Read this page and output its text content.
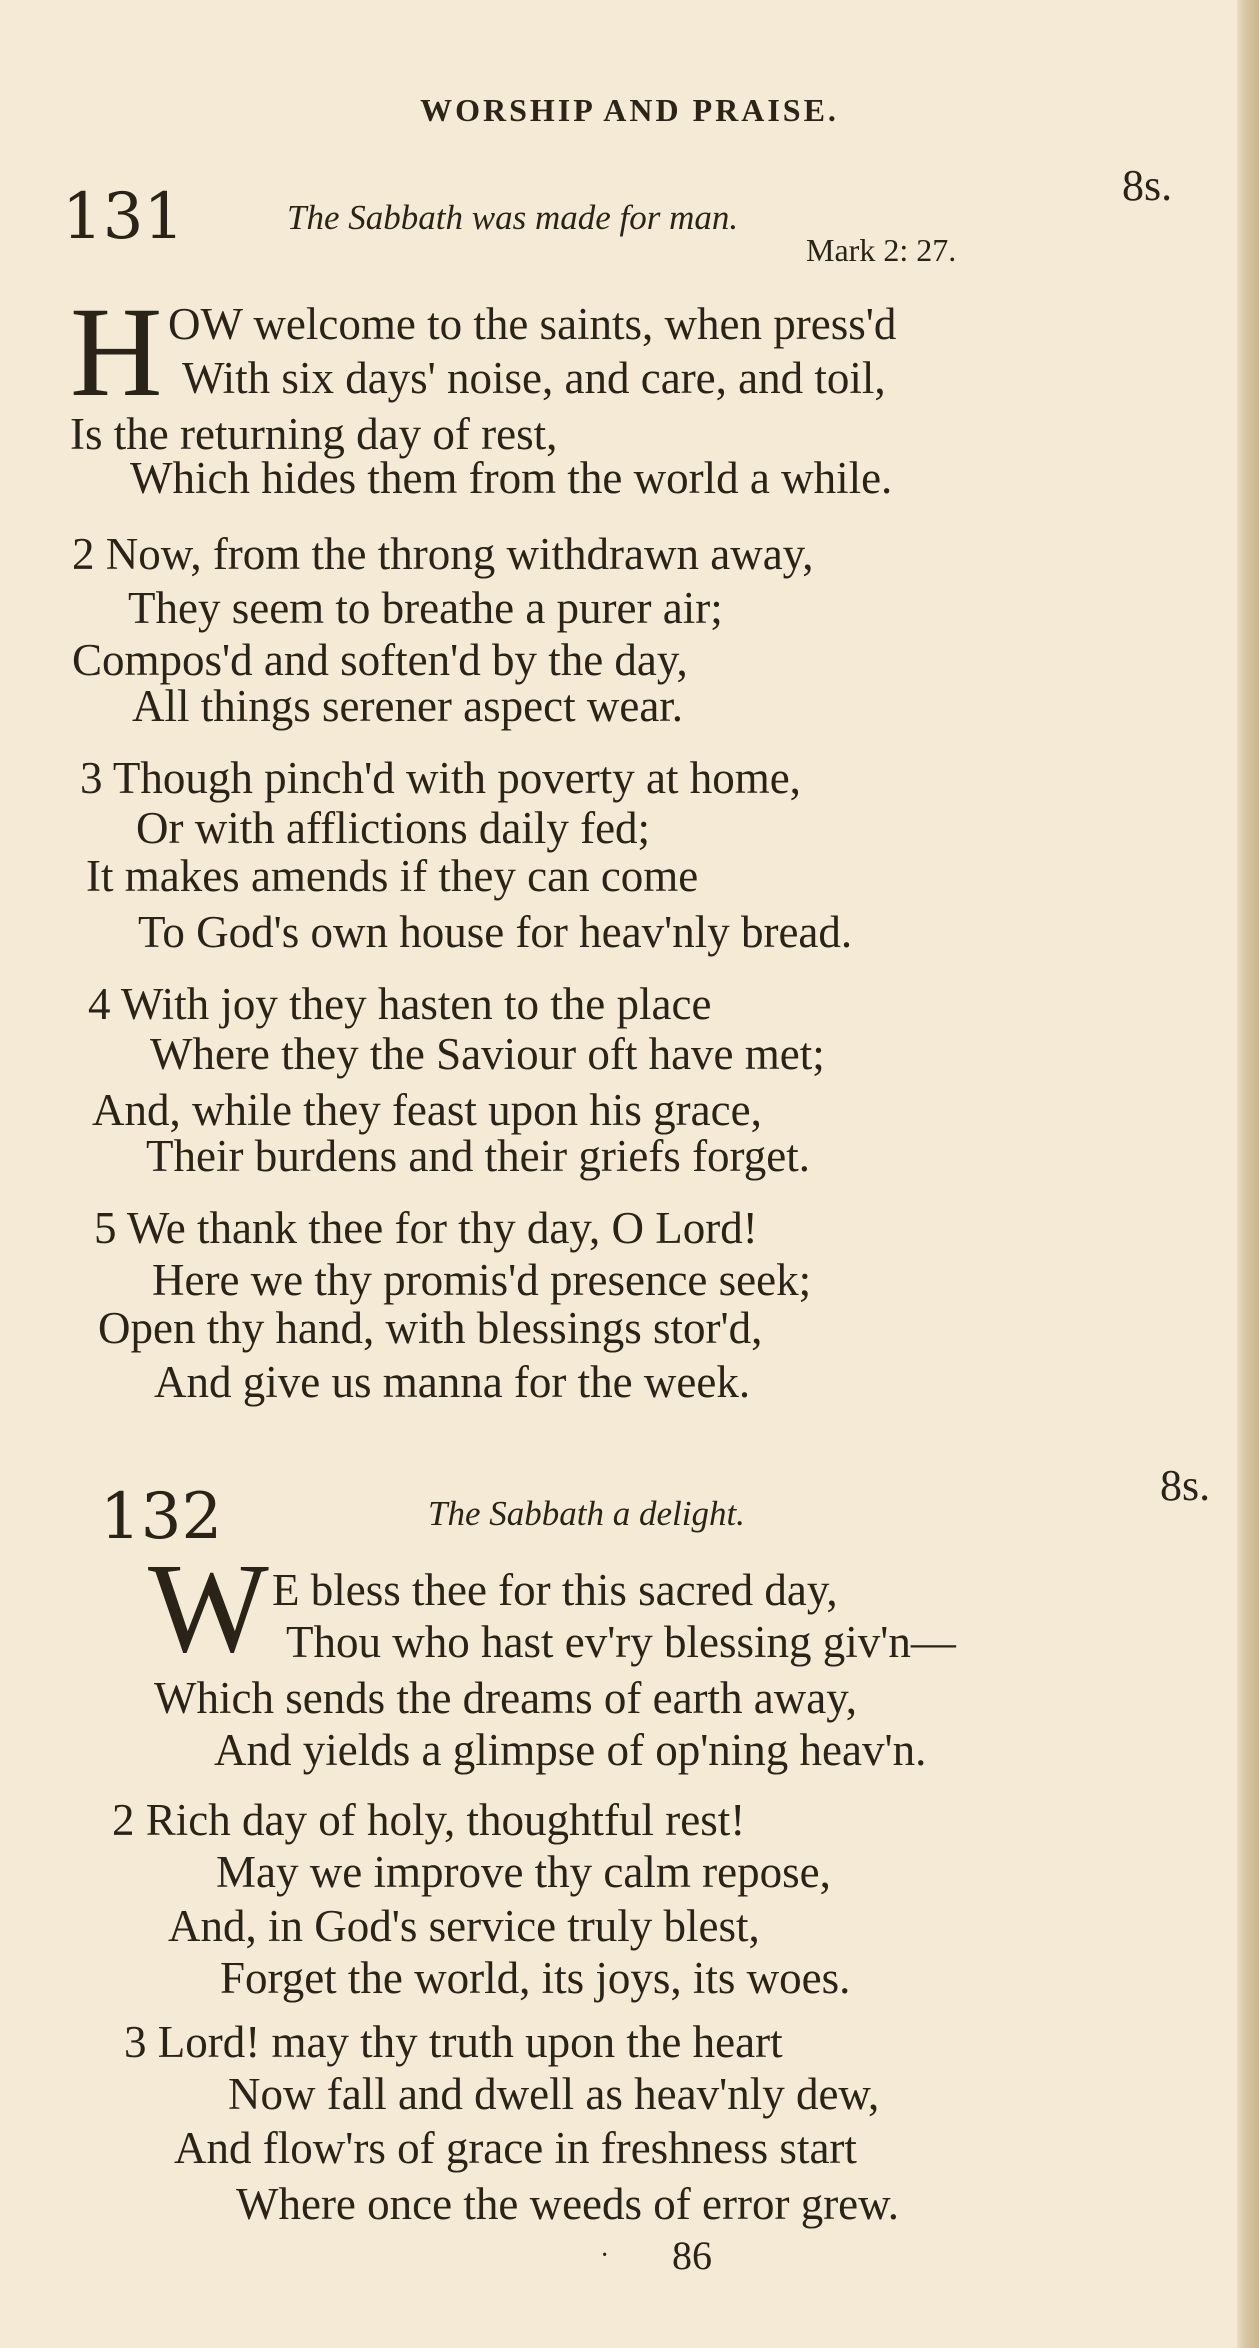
WORSHIP AND PRAISE.
131	The Sabbath was made for man.
Mark 2: 27.
8s.
H OW welcome to the saints, when press'd
With six days' noise, and care, and toil,
Is the returning day of rest,
Which hides them from the world a while.
2 Now, from the throng withdrawn away,
They seem to breathe a purer air;
Compos'd and soften'd by the day,
All things serener aspect wear.
3 Though pinch'd with poverty at home,
Or with afflictions daily fed;
It makes amends if they can come
To God's own house for heav'nly bread.
4 With joy they hasten to the place
Where they the Saviour oft have met;
And, while they feast upon his grace,
Their burdens and their griefs forget.
5 We thank thee for thy day, O Lord!
Here we thy promis'd presence seek;
Open thy hand, with blessings stor'd,
And give us manna for the week.
132	The Sabbath a delight.
8s.
W E bless thee for this sacred day,
Thou who hast ev'ry blessing giv'n—
Which sends the dreams of earth away,
And yields a glimpse of op'ning heav'n.
2 Rich day of holy, thoughtful rest!
May we improve thy calm repose,
And, in God's service truly blest,
Forget the world, its joys, its woes.
3 Lord! may thy truth upon the heart
Now fall and dwell as heav'nly dew,
And flow'rs of grace in freshness start
Where once the weeds of error grew.
· 86
